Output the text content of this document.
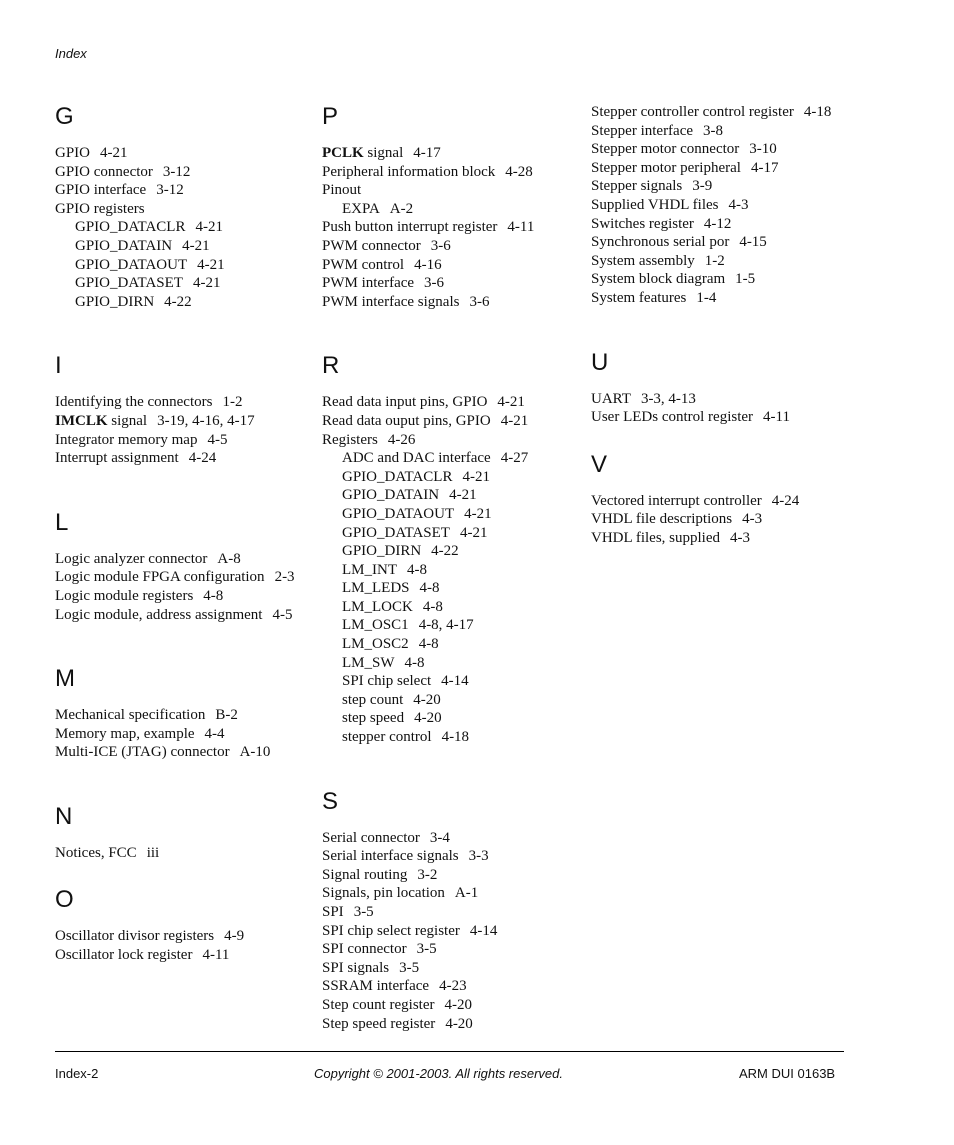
Index
G
GPIO 4-21
GPIO connector 3-12
GPIO interface 3-12
GPIO registers
GPIO_DATACLR 4-21
GPIO_DATAIN 4-21
GPIO_DATAOUT 4-21
GPIO_DATASET 4-21
GPIO_DIRN 4-22
I
Identifying the connectors 1-2
IMCLK signal 3-19, 4-16, 4-17
Integrator memory map 4-5
Interrupt assignment 4-24
L
Logic analyzer connector A-8
Logic module FPGA configuration 2-3
Logic module registers 4-8
Logic module, address assignment 4-5
M
Mechanical specification B-2
Memory map, example 4-4
Multi-ICE (JTAG) connector A-10
N
Notices, FCC iii
O
Oscillator divisor registers 4-9
Oscillator lock register 4-11
P
PCLK signal 4-17
Peripheral information block 4-28
Pinout
EXPA A-2
Push button interrupt register 4-11
PWM connector 3-6
PWM control 4-16
PWM interface 3-6
PWM interface signals 3-6
R
Read data input pins, GPIO 4-21
Read data ouput pins, GPIO 4-21
Registers 4-26
ADC and DAC interface 4-27
GPIO_DATACLR 4-21
GPIO_DATAIN 4-21
GPIO_DATAOUT 4-21
GPIO_DATASET 4-21
GPIO_DIRN 4-22
LM_INT 4-8
LM_LEDS 4-8
LM_LOCK 4-8
LM_OSC1 4-8, 4-17
LM_OSC2 4-8
LM_SW 4-8
SPI chip select 4-14
step count 4-20
step speed 4-20
stepper control 4-18
S
Serial connector 3-4
Serial interface signals 3-3
Signal routing 3-2
Signals, pin location A-1
SPI 3-5
SPI chip select register 4-14
SPI connector 3-5
SPI signals 3-5
SSRAM interface 4-23
Step count register 4-20
Step speed register 4-20
Stepper controller control register 4-18
Stepper interface 3-8
Stepper motor connector 3-10
Stepper motor peripheral 4-17
Stepper signals 3-9
Supplied VHDL files 4-3
Switches register 4-12
Synchronous serial por 4-15
System assembly 1-2
System block diagram 1-5
System features 1-4
U
UART 3-3, 4-13
User LEDs control register 4-11
V
Vectored interrupt controller 4-24
VHDL file descriptions 4-3
VHDL files, supplied 4-3
Index-2	Copyright © 2001-2003. All rights reserved.	ARM DUI 0163B
